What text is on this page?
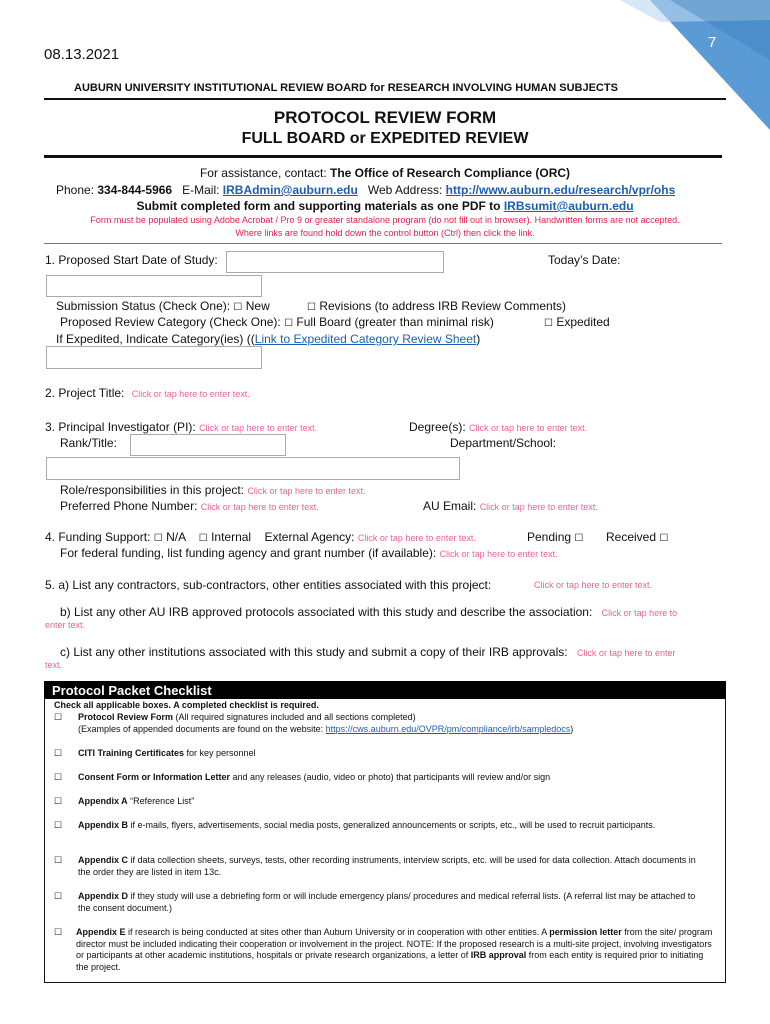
7
08.13.2021
AUBURN UNIVERSITY INSTITUTIONAL REVIEW BOARD for RESEARCH INVOLVING HUMAN SUBJECTS
PROTOCOL REVIEW FORM
FULL BOARD or EXPEDITED REVIEW
For assistance, contact: The Office of Research Compliance (ORC)
Phone: 334-844-5966 E-Mail: IRBAdmin@auburn.edu Web Address: http://www.auburn.edu/research/vpr/ohs
Submit completed form and supporting materials as one PDF to IRBsumit@auburn.edu
Form must be populated using Adobe Acrobat / Pro 9 or greater standalone program (do not fill out in browser). Handwritten forms are not accepted.
Where links are found hold down the control button (Ctrl) then click the link.
1. Proposed Start Date of Study:	Today’s Date:
Submission Status (Check One): ☐ New	☐ Revisions (to address IRB Review Comments)
Proposed Review Category (Check One): ☐ Full Board (greater than minimal risk)	☐ Expedited
If Expedited, Indicate Category(ies) ((Link to Expedited Category Review Sheet)
2. Project Title: Click or tap here to enter text.
3. Principal Investigator (PI): Click or tap here to enter text.	Degree(s): Click or tap here to enter text.
Rank/Title:	Department/School:
Role/responsibilities in this project: Click or tap here to enter text.
Preferred Phone Number: Click or tap here to enter text.	AU Email: Click or tap here to enter text.
4. Funding Support: ☐ N/A ☐ Internal External Agency: Click or tap here to enter text.	Pending ☐ Received ☐
For federal funding, list funding agency and grant number (if available): Click or tap here to enter text.
5. a) List any contractors, sub-contractors, other entities associated with this project:	Click or tap here to enter text.
b) List any other AU IRB approved protocols associated with this study and describe the association: Click or tap here to
enter text.
c) List any other institutions associated with this study and submit a copy of their IRB approvals: Click or tap here to enter
text.
Protocol Packet Checklist
Check all applicable boxes. A completed checklist is required.
☐ Protocol Review Form (All required signatures included and all sections completed)
(Examples of appended documents are found on the website: https://cws.auburn.edu/OVPR/pm/compliance/irb/sampledocs)
☐ CITI Training Certificates for key personnel
☐ Consent Form or Information Letter and any releases (audio, video or photo) that participants will review and/or sign
☐ Appendix A “Reference List”
☐ Appendix B if e-mails, flyers, advertisements, social media posts, generalized announcements or scripts, etc., will be used to recruit participants.
☐ Appendix C if data collection sheets, surveys, tests, other recording instruments, interview scripts, etc. will be used for data collection. Attach documents in the order they are listed in item 13c.
☐ Appendix D if they study will use a debriefing form or will include emergency plans/ procedures and medical referral lists. (A referral list may be attached to the consent document.)
☐ Appendix E if research is being conducted at sites other than Auburn University or in cooperation with other entities. A permission letter from the site/ program director must be included indicating their cooperation or involvement in the project. NOTE: If the proposed research is a multi-site project, involving investigators or participants at other academic institutions, hospitals or private research organizations, a letter of IRB approval from each entity is required prior to initiating the project.
